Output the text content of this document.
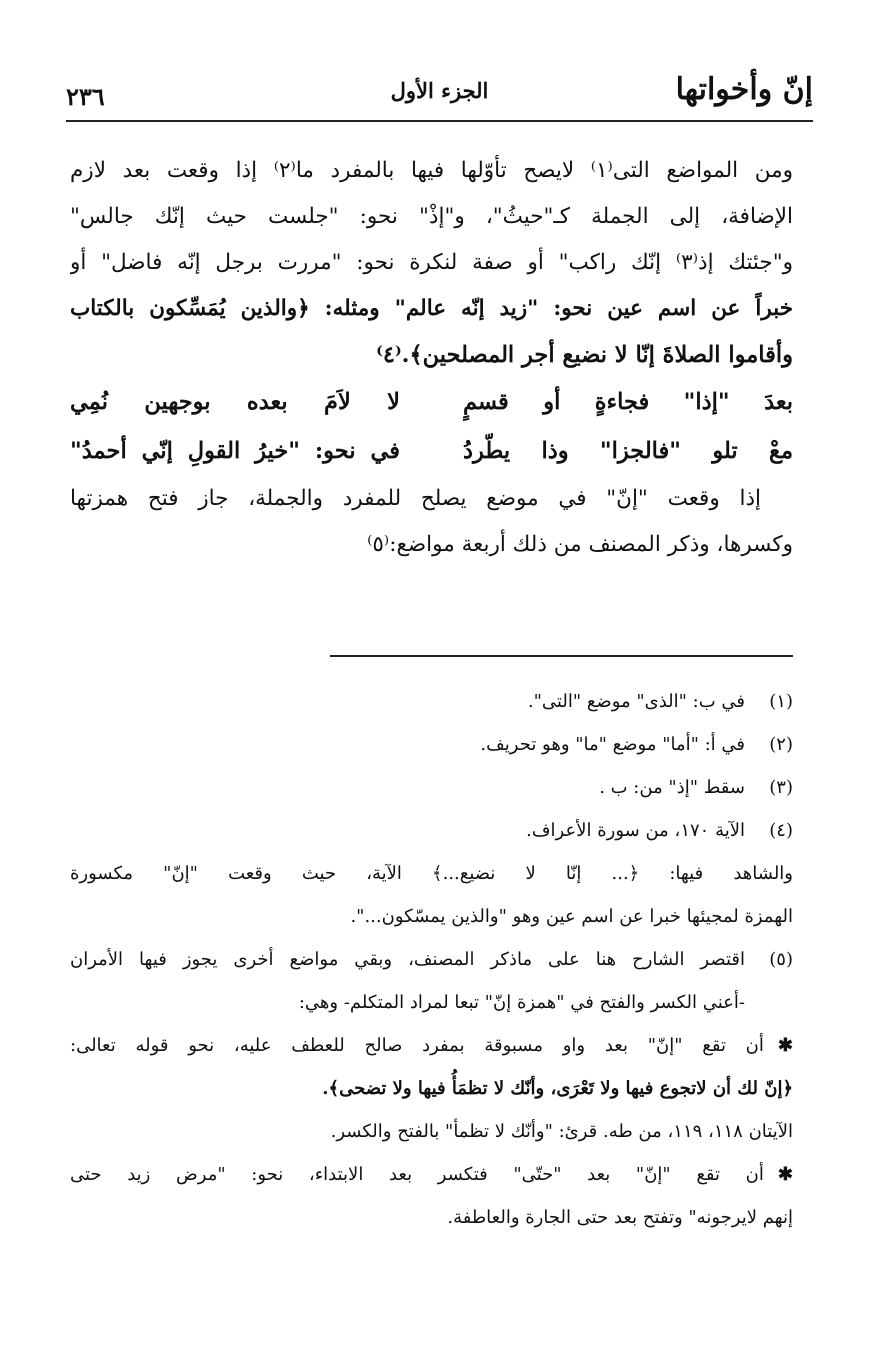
إنّ وأخواتها
الجزء الأول
٢٣٦
ومن المواضع التى⁽١⁾ لايصح تأوّلها فيها بالمفرد ما⁽٢⁾ إذا وقعت بعد لازم
الإضافة، إلى الجملة كـ"حيثُ"، و"إذْ" نحو: "جلست حيث إنّك جالس"
و"جئتك إذ⁽٣⁾ إنّك راكب" أو صفة لنكرة نحو: "مررت برجل إنّه فاضل" أو
خبراً عن اسم عين نحو: "زيد إنّه عالم" ومثله: ﴿والذين يُمَسِّكون بالكتاب
وأقاموا الصلاةَ إنّا لا نضيع أجر المصلحين﴾.⁽٤⁾
بعدَ "إذا" فجاءةٍ أو قسمٍ
لا لاَمَ بعده بوجهين نُمِي
معْ تلو "فالجزا" وذا يطّردُ
في نحو: "خيرُ القولِ إنّي أحمدُ"
إذا وقعت "إنّ" في موضع يصلح للمفرد والجملة، جاز فتح همزتها
وكسرها، وذكر المصنف من ذلك أربعة مواضع:⁽٥⁾
(١)
في ب: "الذى" موضع "التى".
(٢)
في أ: "أما" موضع "ما" وهو تحريف.
(٣)
سقط "إذ" من: ب .
(٤)
الآية ١٧٠، من سورة الأعراف.
والشاهد فيها: ﴿... إنّا لا نضيع...﴾ الآية، حيث وقعت "إنّ" مكسورة
الهمزة لمجيئها خبرا عن اسم عين وهو "والذين يمسّكون...".
(٥)
اقتصر الشارح هنا على ماذكر المصنف، وبقي مواضع أخرى يجوز فيها الأمران
-أعني الكسر والفتح في "همزة إنّ" تبعا لمراد المتكلم- وهي:
✱أن تقع "إنّ" بعد واو مسبوقة بمفرد صالح للعطف عليه، نحو قوله تعالى:
﴿إنّ لك أن لاتجوع فيها ولا تَعْرَى، وأنّك لا تظمَأُ فيها ولا تضحى﴾.
الآيتان ١١٨، ١١٩، من طه. قرئ: "وأنّك لا تظمأ" بالفتح والكسر.
✱أن تقع "إنّ" بعد "حتّى" فتكسر بعد الابتداء، نحو: "مرض زيد حتى
إنهم لايرجونه" وتفتح بعد حتى الجارة والعاطفة.
